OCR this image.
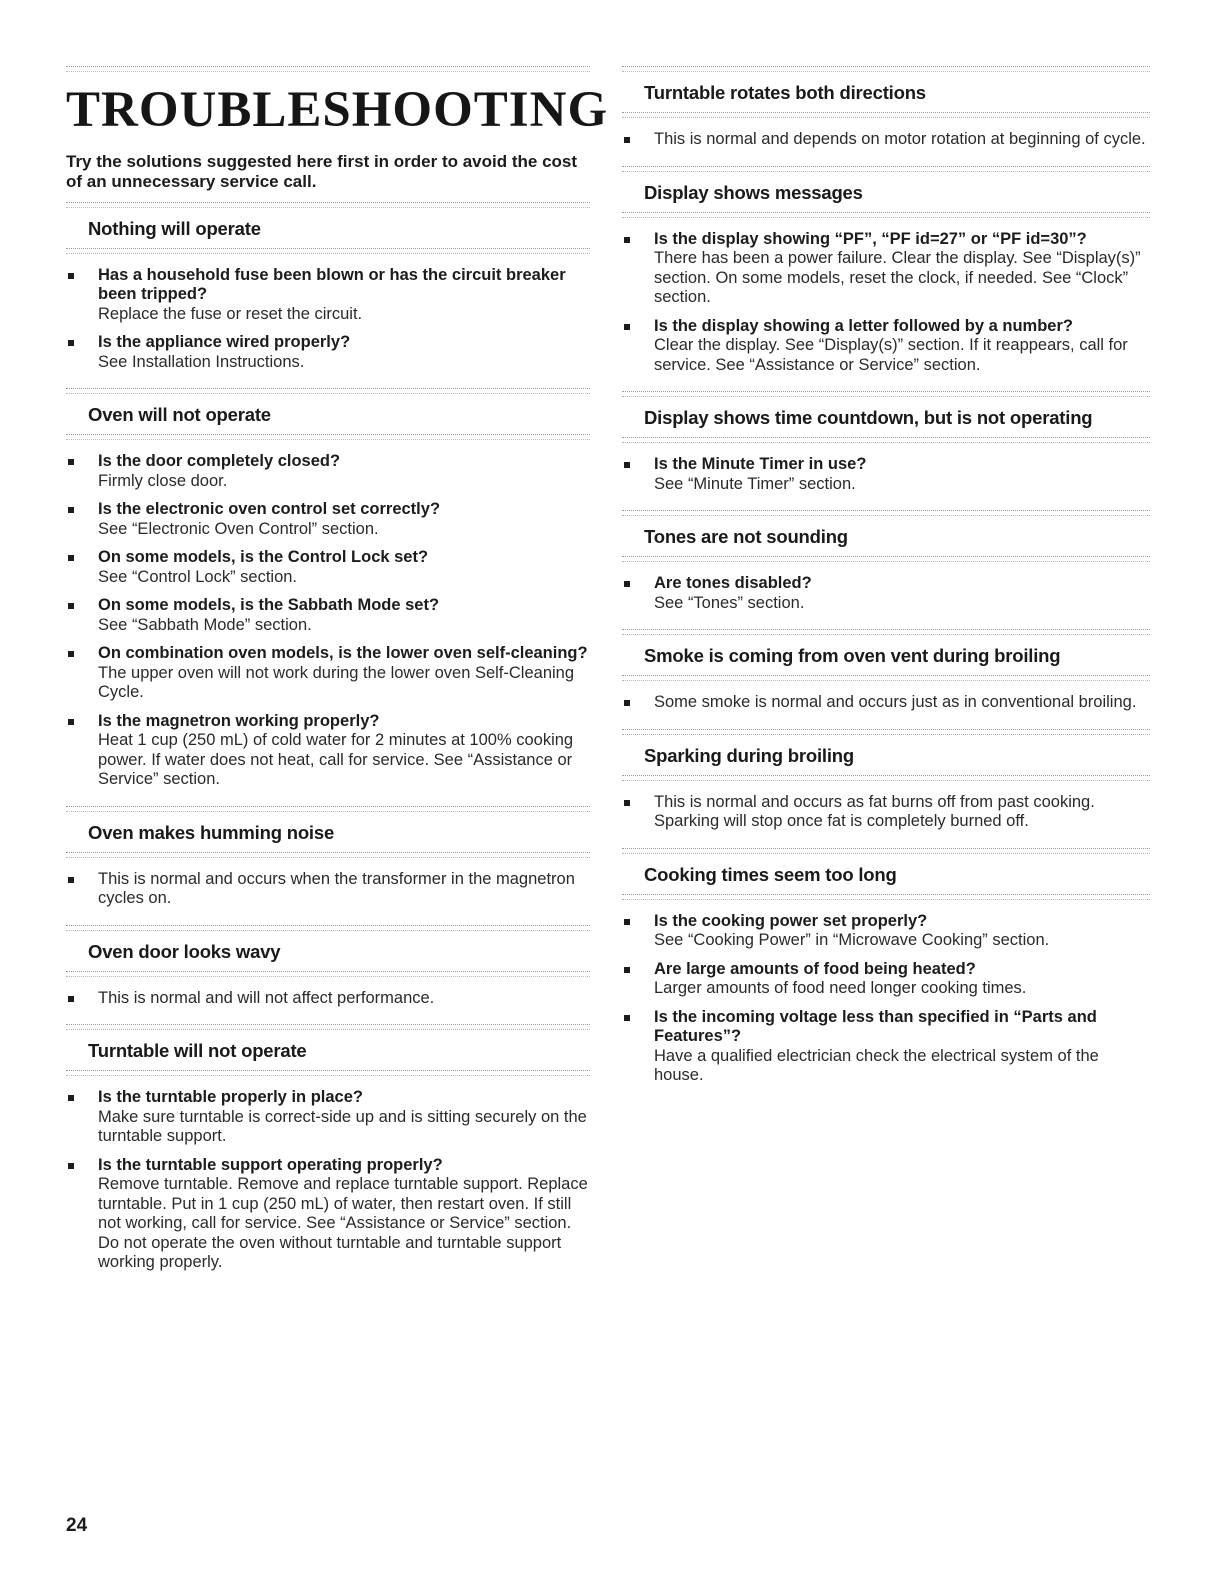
TROUBLESHOOTING

Try the solutions suggested here first in order to avoid the cost of an unnecessary service call.

Nothing will operate
Has a household fuse been blown or has the circuit breaker been tripped?
Replace the fuse or reset the circuit.
Is the appliance wired properly?
See Installation Instructions.
Oven will not operate
Is the door completely closed?
Firmly close door.
Is the electronic oven control set correctly?
See “Electronic Oven Control” section.
On some models, is the Control Lock set?
See “Control Lock” section.
On some models, is the Sabbath Mode set?
See “Sabbath Mode” section.
On combination oven models, is the lower oven self-cleaning?
The upper oven will not work during the lower oven Self-Cleaning Cycle.
Is the magnetron working properly?
Heat 1 cup (250 mL) of cold water for 2 minutes at 100% cooking power. If water does not heat, call for service. See “Assistance or Service” section.
Oven makes humming noise
This is normal and occurs when the transformer in the magnetron cycles on.
Oven door looks wavy
This is normal and will not affect performance.
Turntable will not operate
Is the turntable properly in place?
Make sure turntable is correct-side up and is sitting securely on the turntable support.
Is the turntable support operating properly?
Remove turntable. Remove and replace turntable support. Replace turntable. Put in 1 cup (250 mL) of water, then restart oven. If still not working, call for service. See “Assistance or Service” section. Do not operate the oven without turntable and turntable support working properly.
Turntable rotates both directions
This is normal and depends on motor rotation at beginning of cycle.
Display shows messages
Is the display showing “PF”, “PF id=27” or “PF id=30”?
There has been a power failure. Clear the display. See “Display(s)” section. On some models, reset the clock, if needed. See “Clock” section.
Is the display showing a letter followed by a number?
Clear the display. See “Display(s)” section. If it reappears, call for service. See “Assistance or Service” section.
Display shows time countdown, but is not operating
Is the Minute Timer in use?
See “Minute Timer” section.
Tones are not sounding
Are tones disabled?
See “Tones” section.
Smoke is coming from oven vent during broiling
Some smoke is normal and occurs just as in conventional broiling.
Sparking during broiling
This is normal and occurs as fat burns off from past cooking. Sparking will stop once fat is completely burned off.
Cooking times seem too long
Is the cooking power set properly?
See “Cooking Power” in “Microwave Cooking” section.
Are large amounts of food being heated?
Larger amounts of food need longer cooking times.
Is the incoming voltage less than specified in “Parts and Features”?
Have a qualified electrician check the electrical system of the house.
24
